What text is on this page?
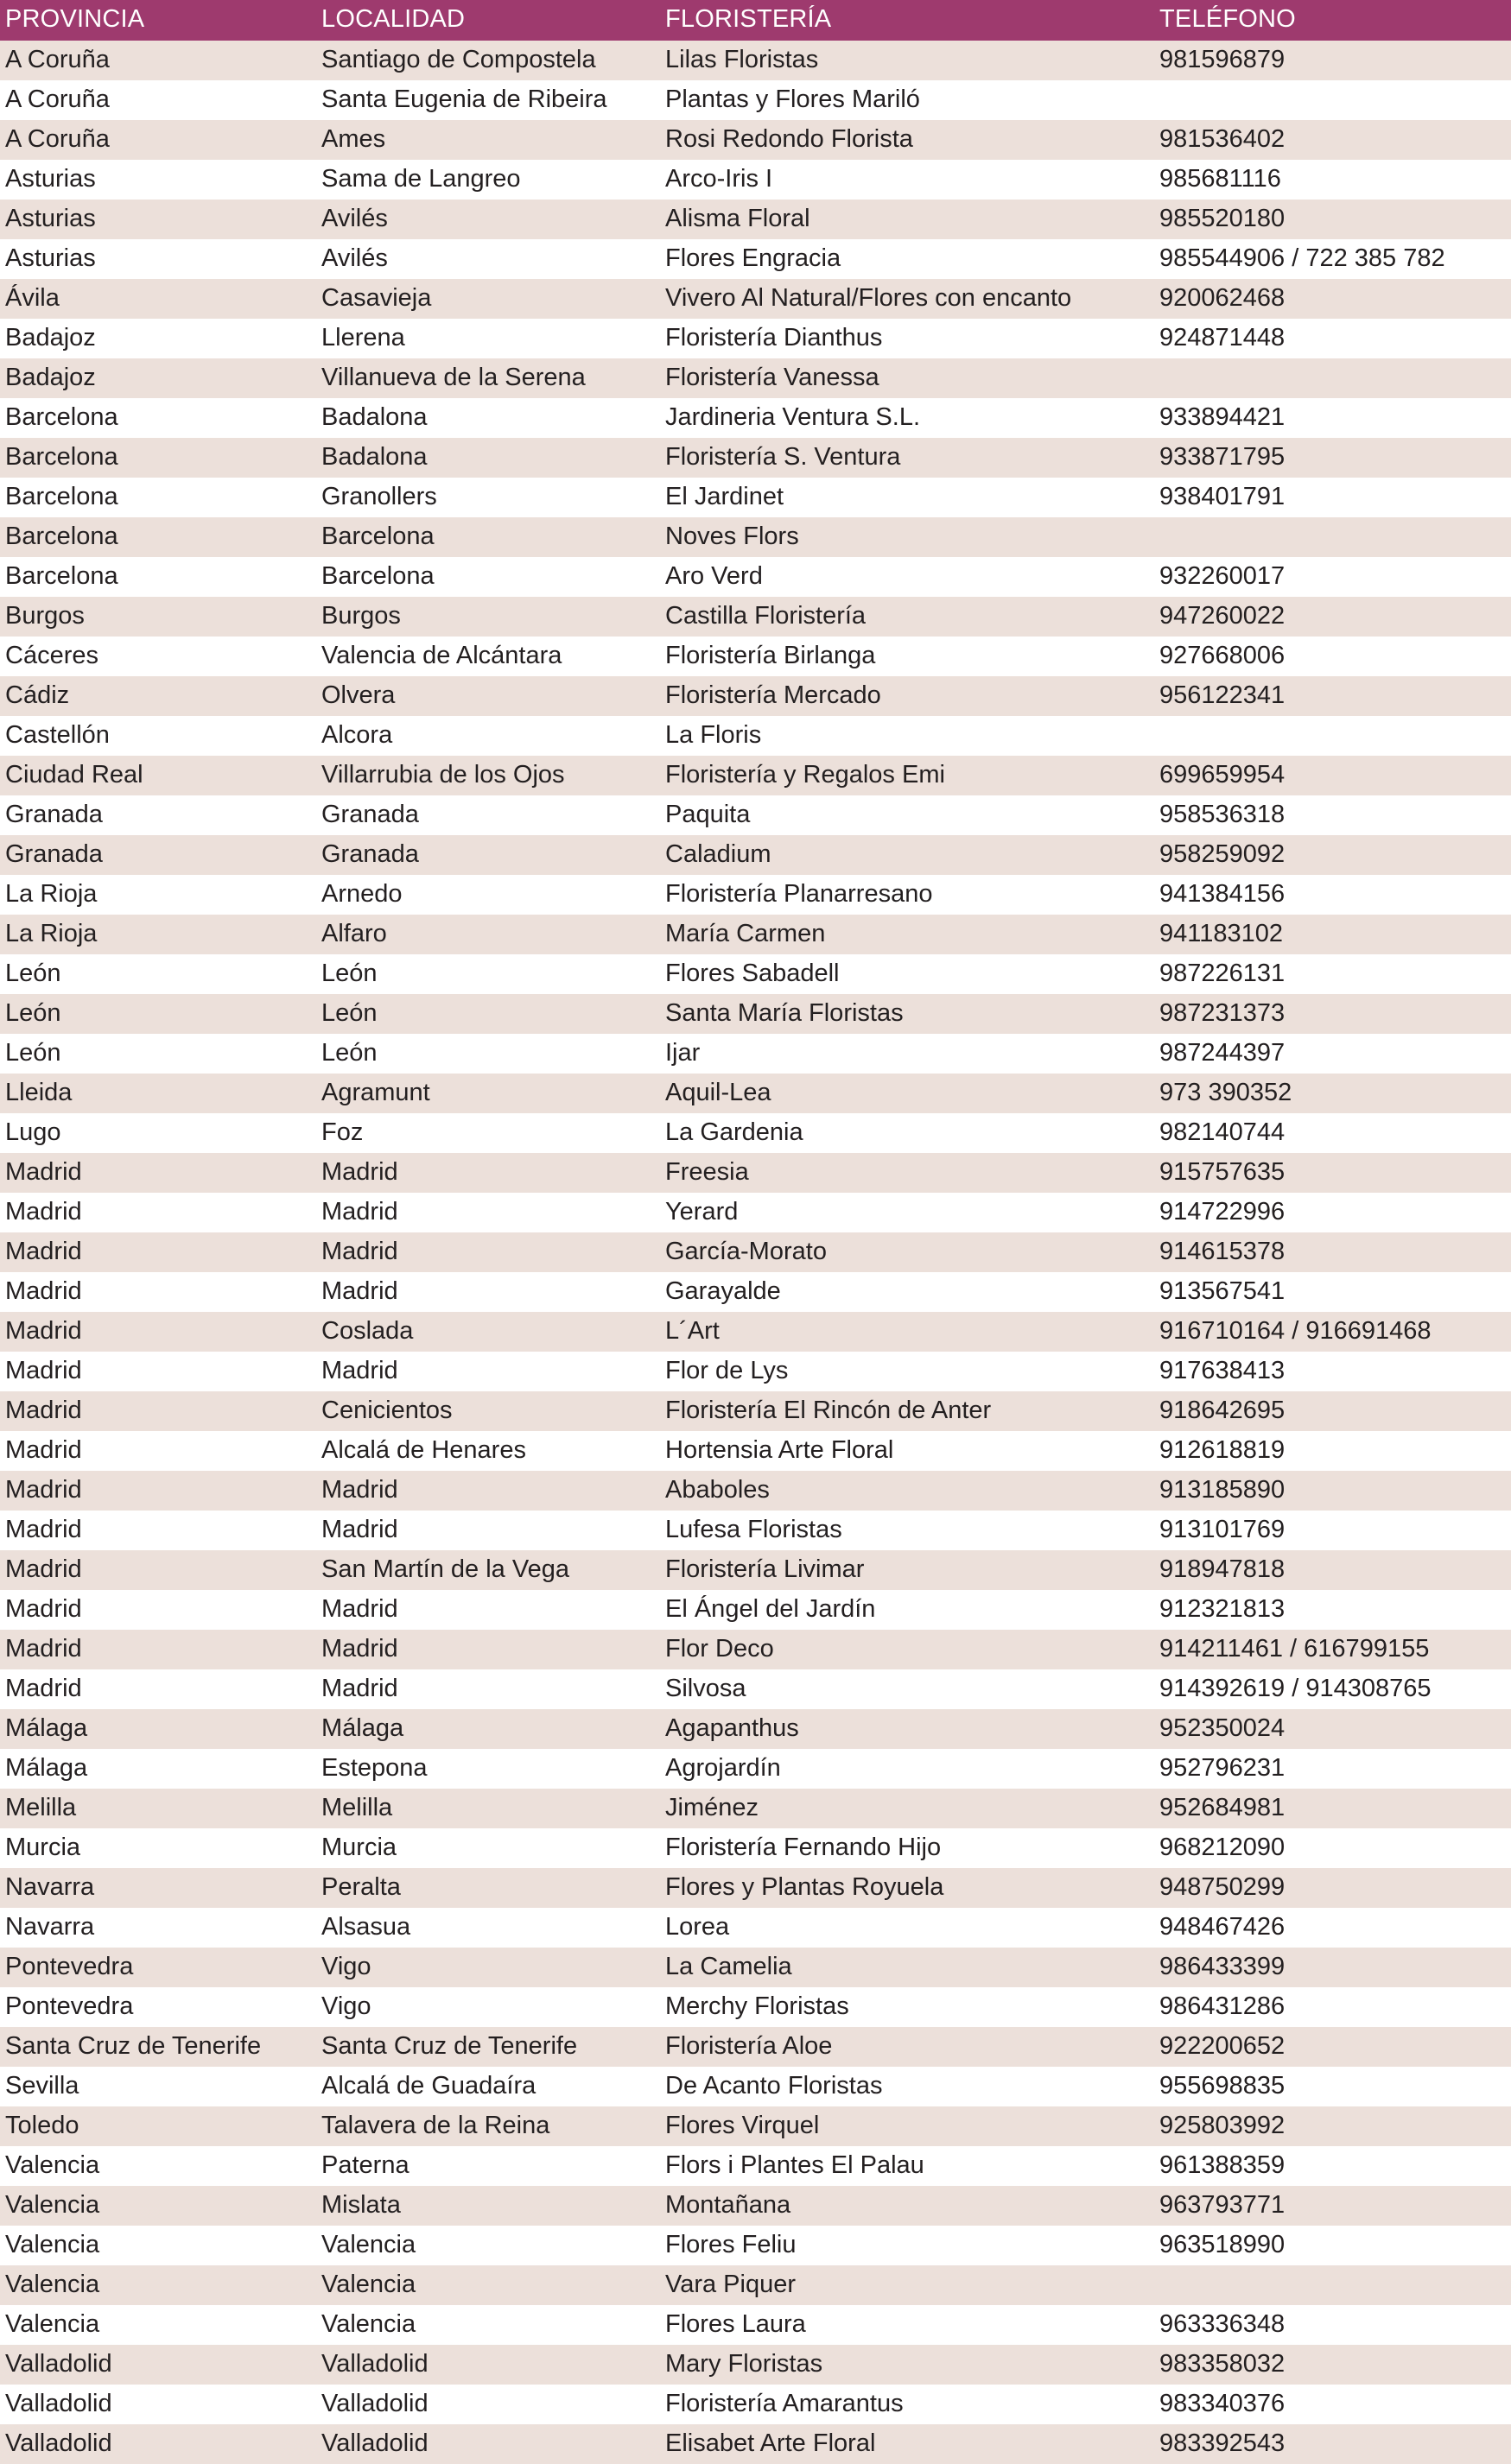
PROVINCIA	LOCALIDAD	FLORISTERÍA	TELÉFONO
A Coruña	Santiago de Compostela	Lilas Floristas	981596879
A Coruña	Santa Eugenia de Ribeira	Plantas y Flores Mariló	
A Coruña	Ames	Rosi Redondo Florista	981536402
Asturias	Sama de Langreo	Arco-Iris I	985681116
Asturias	Avilés	Alisma Floral	985520180
Asturias	Avilés	Flores Engracia	985544906 / 722 385 782
Ávila	Casavieja	Vivero Al Natural/Flores con encanto	920062468
Badajoz	Llerena	Floristería Dianthus	924871448
Badajoz	Villanueva de la Serena	Floristería Vanessa	
Barcelona	Badalona	Jardineria Ventura S.L.	933894421
Barcelona	Badalona	Floristería S. Ventura	933871795
Barcelona	Granollers	El Jardinet	938401791
Barcelona	Barcelona	Noves Flors	
Barcelona	Barcelona	Aro Verd	932260017
Burgos	Burgos	Castilla Floristería	947260022
Cáceres	Valencia de Alcántara	Floristería Birlanga	927668006
Cádiz	Olvera	Floristería Mercado	956122341
Castellón	Alcora	La Floris	
Ciudad Real	Villarrubia de los Ojos	Floristería y Regalos Emi	699659954
Granada	Granada	Paquita	958536318
Granada	Granada	Caladium	958259092
La Rioja	Arnedo	Floristería Planarresano	941384156
La Rioja	Alfaro	María Carmen	941183102
León	León	Flores Sabadell	987226131
León	León	Santa María Floristas	987231373
León	León	Ijar	987244397
Lleida	Agramunt	Aquil-Lea	973 390352
Lugo	Foz	La Gardenia	982140744
Madrid	Madrid	Freesia	915757635
Madrid	Madrid	Yerard	914722996
Madrid	Madrid	García-Morato	914615378
Madrid	Madrid	Garayalde	913567541
Madrid	Coslada	L´Art	916710164 / 916691468
Madrid	Madrid	Flor de Lys	917638413
Madrid	Cenicientos	Floristería El Rincón de Anter	918642695
Madrid	Alcalá de Henares	Hortensia Arte Floral	912618819
Madrid	Madrid	Ababoles	913185890
Madrid	Madrid	Lufesa Floristas	913101769
Madrid	San Martín de la Vega	Floristería Livimar	918947818
Madrid	Madrid	El Ángel del Jardín	912321813
Madrid	Madrid	Flor Deco	914211461 / 616799155
Madrid	Madrid	Silvosa	914392619 / 914308765
Málaga	Málaga	Agapanthus	952350024
Málaga	Estepona	Agrojardín	952796231
Melilla	Melilla	Jiménez	952684981
Murcia	Murcia	Floristería Fernando Hijo	968212090
Navarra	Peralta	Flores y Plantas Royuela	948750299
Navarra	Alsasua	Lorea	948467426
Pontevedra	Vigo	La Camelia	986433399
Pontevedra	Vigo	Merchy Floristas	986431286
Santa Cruz de Tenerife	Santa Cruz de Tenerife	Floristería Aloe	922200652
Sevilla	Alcalá de Guadaíra	De Acanto Floristas	955698835
Toledo	Talavera de la Reina	Flores Virquel	925803992
Valencia	Paterna	Flors i Plantes El Palau	961388359
Valencia	Mislata	Montañana	963793771
Valencia	Valencia	Flores Feliu	963518990
Valencia	Valencia	Vara Piquer	
Valencia	Valencia	Flores Laura	963336348
Valladolid	Valladolid	Mary Floristas	983358032
Valladolid	Valladolid	Floristería Amarantus	983340376
Valladolid	Valladolid	Elisabet Arte Floral	983392543
